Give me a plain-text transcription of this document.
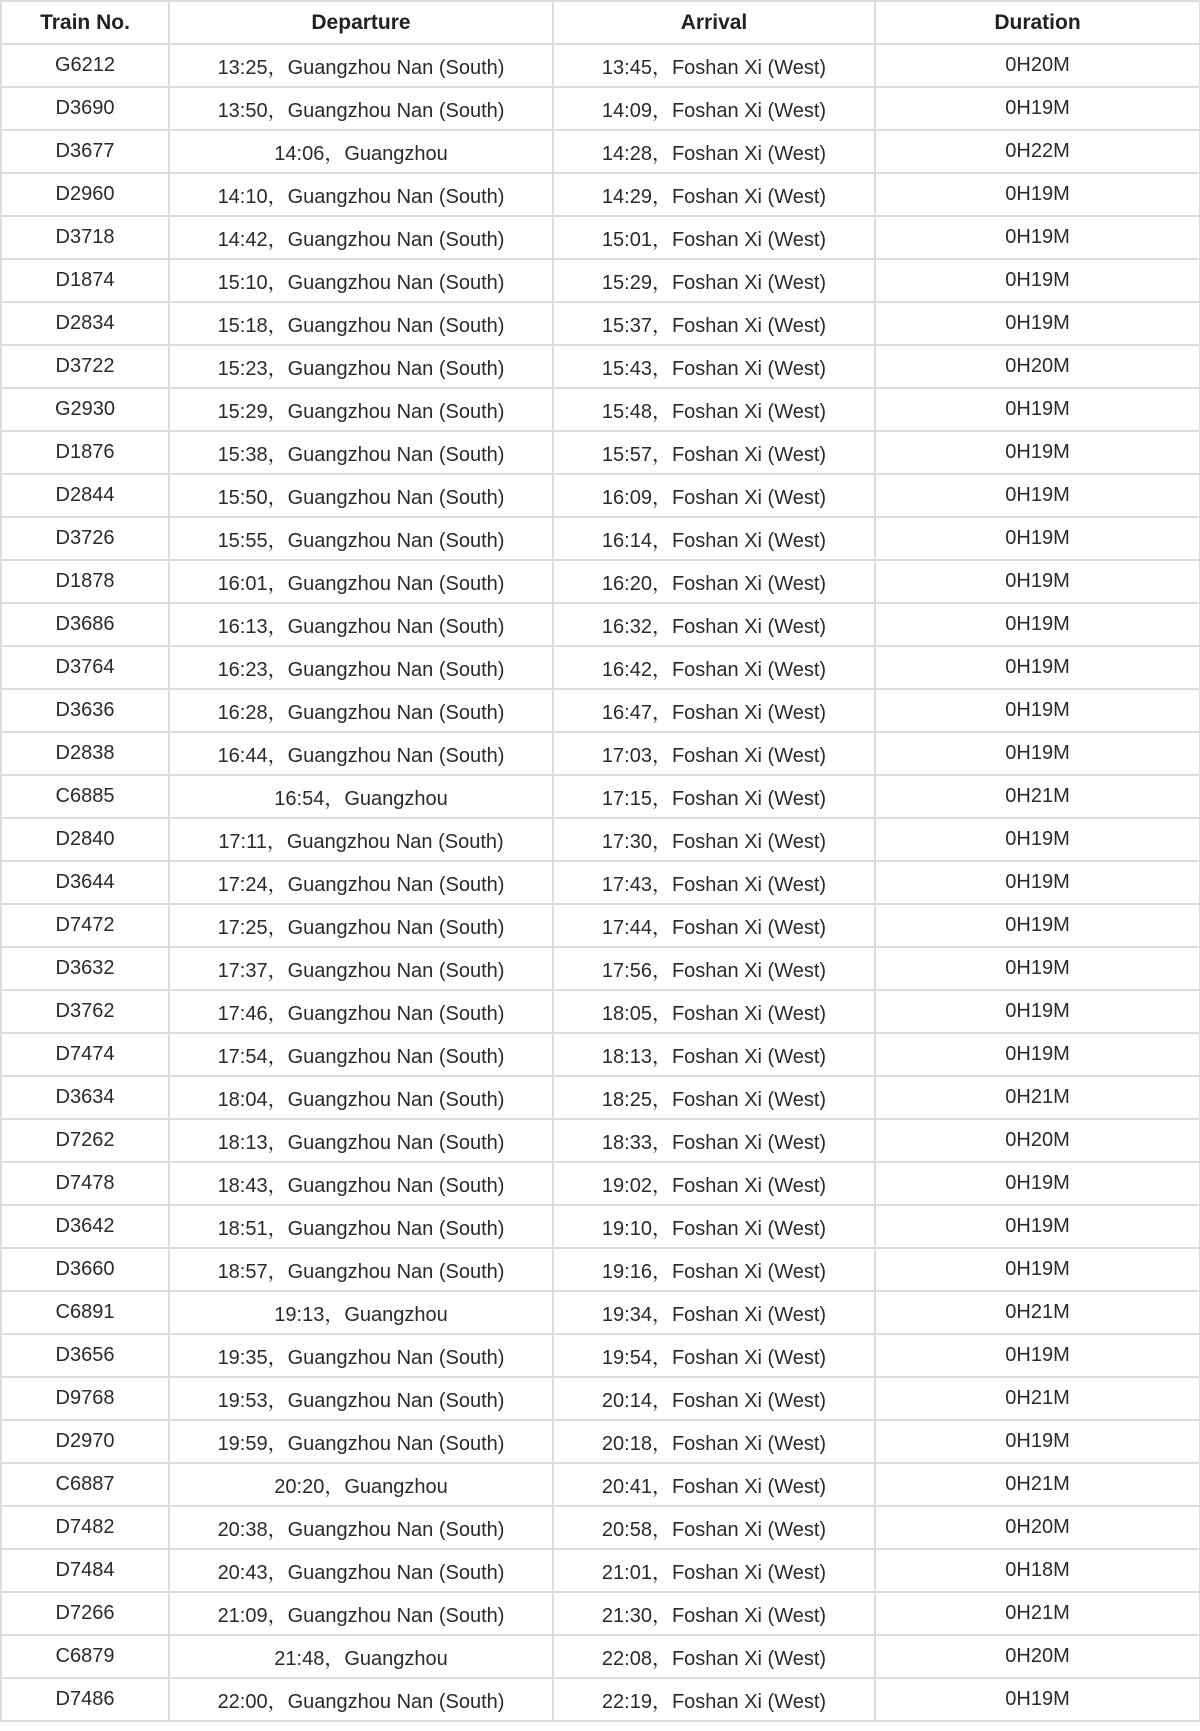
Train No.	Departure	Arrival	Duration
G6212	13:25，Guangzhou Nan (South)	13:45，Foshan Xi (West)	0H20M
D3690	13:50，Guangzhou Nan (South)	14:09，Foshan Xi (West)	0H19M
D3677	14:06，Guangzhou	14:28，Foshan Xi (West)	0H22M
D2960	14:10，Guangzhou Nan (South)	14:29，Foshan Xi (West)	0H19M
D3718	14:42，Guangzhou Nan (South)	15:01，Foshan Xi (West)	0H19M
D1874	15:10，Guangzhou Nan (South)	15:29，Foshan Xi (West)	0H19M
D2834	15:18，Guangzhou Nan (South)	15:37，Foshan Xi (West)	0H19M
D3722	15:23，Guangzhou Nan (South)	15:43，Foshan Xi (West)	0H20M
G2930	15:29，Guangzhou Nan (South)	15:48，Foshan Xi (West)	0H19M
D1876	15:38，Guangzhou Nan (South)	15:57，Foshan Xi (West)	0H19M
D2844	15:50，Guangzhou Nan (South)	16:09，Foshan Xi (West)	0H19M
D3726	15:55，Guangzhou Nan (South)	16:14，Foshan Xi (West)	0H19M
D1878	16:01，Guangzhou Nan (South)	16:20，Foshan Xi (West)	0H19M
D3686	16:13，Guangzhou Nan (South)	16:32，Foshan Xi (West)	0H19M
D3764	16:23，Guangzhou Nan (South)	16:42，Foshan Xi (West)	0H19M
D3636	16:28，Guangzhou Nan (South)	16:47，Foshan Xi (West)	0H19M
D2838	16:44，Guangzhou Nan (South)	17:03，Foshan Xi (West)	0H19M
C6885	16:54，Guangzhou	17:15，Foshan Xi (West)	0H21M
D2840	17:11，Guangzhou Nan (South)	17:30，Foshan Xi (West)	0H19M
D3644	17:24，Guangzhou Nan (South)	17:43，Foshan Xi (West)	0H19M
D7472	17:25，Guangzhou Nan (South)	17:44，Foshan Xi (West)	0H19M
D3632	17:37，Guangzhou Nan (South)	17:56，Foshan Xi (West)	0H19M
D3762	17:46，Guangzhou Nan (South)	18:05，Foshan Xi (West)	0H19M
D7474	17:54，Guangzhou Nan (South)	18:13，Foshan Xi (West)	0H19M
D3634	18:04，Guangzhou Nan (South)	18:25，Foshan Xi (West)	0H21M
D7262	18:13，Guangzhou Nan (South)	18:33，Foshan Xi (West)	0H20M
D7478	18:43，Guangzhou Nan (South)	19:02，Foshan Xi (West)	0H19M
D3642	18:51，Guangzhou Nan (South)	19:10，Foshan Xi (West)	0H19M
D3660	18:57，Guangzhou Nan (South)	19:16，Foshan Xi (West)	0H19M
C6891	19:13，Guangzhou	19:34，Foshan Xi (West)	0H21M
D3656	19:35，Guangzhou Nan (South)	19:54，Foshan Xi (West)	0H19M
D9768	19:53，Guangzhou Nan (South)	20:14，Foshan Xi (West)	0H21M
D2970	19:59，Guangzhou Nan (South)	20:18，Foshan Xi (West)	0H19M
C6887	20:20，Guangzhou	20:41，Foshan Xi (West)	0H21M
D7482	20:38，Guangzhou Nan (South)	20:58，Foshan Xi (West)	0H20M
D7484	20:43，Guangzhou Nan (South)	21:01，Foshan Xi (West)	0H18M
D7266	21:09，Guangzhou Nan (South)	21:30，Foshan Xi (West)	0H21M
C6879	21:48，Guangzhou	22:08，Foshan Xi (West)	0H20M
D7486	22:00，Guangzhou Nan (South)	22:19，Foshan Xi (West)	0H19M
